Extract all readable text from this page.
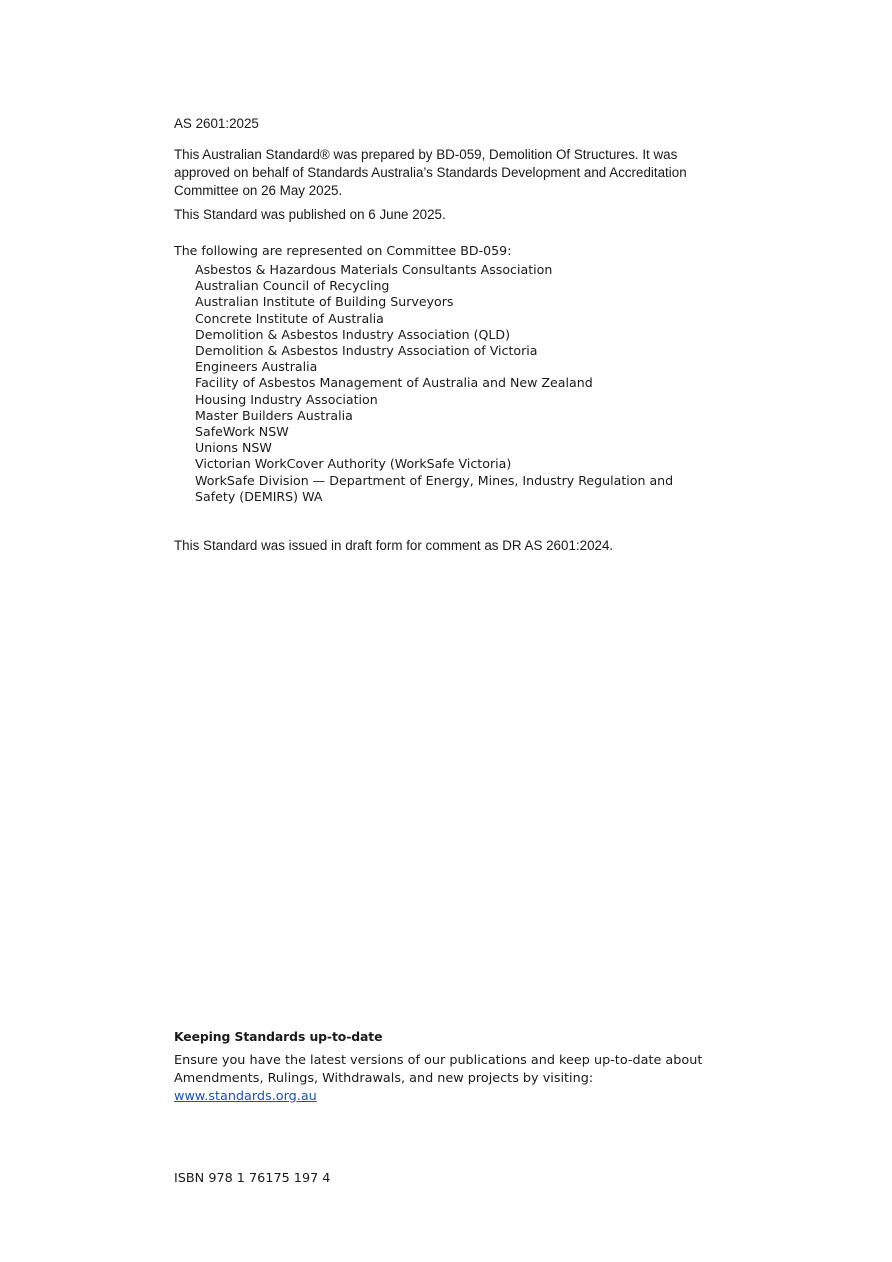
AS 2601:2025
This Australian Standard® was prepared by BD-059, Demolition Of Structures. It was approved on behalf of Standards Australia’s Standards Development and Accreditation Committee on 26 May 2025.
This Standard was published on 6 June 2025.
The following are represented on Committee BD-059:
Asbestos & Hazardous Materials Consultants Association
Australian Council of Recycling
Australian Institute of Building Surveyors
Concrete Institute of Australia
Demolition & Asbestos Industry Association (QLD)
Demolition & Asbestos Industry Association of Victoria
Engineers Australia
Facility of Asbestos Management of Australia and New Zealand
Housing Industry Association
Master Builders Australia
SafeWork NSW
Unions NSW
Victorian WorkCover Authority (WorkSafe Victoria)
WorkSafe Division — Department of Energy, Mines, Industry Regulation and Safety (DEMIRS) WA
This Standard was issued in draft form for comment as DR AS 2601:2024.
Keeping Standards up-to-date
Ensure you have the latest versions of our publications and keep up-to-date about Amendments, Rulings, Withdrawals, and new projects by visiting:
www.standards.org.au
ISBN 978 1 76175 197 4
